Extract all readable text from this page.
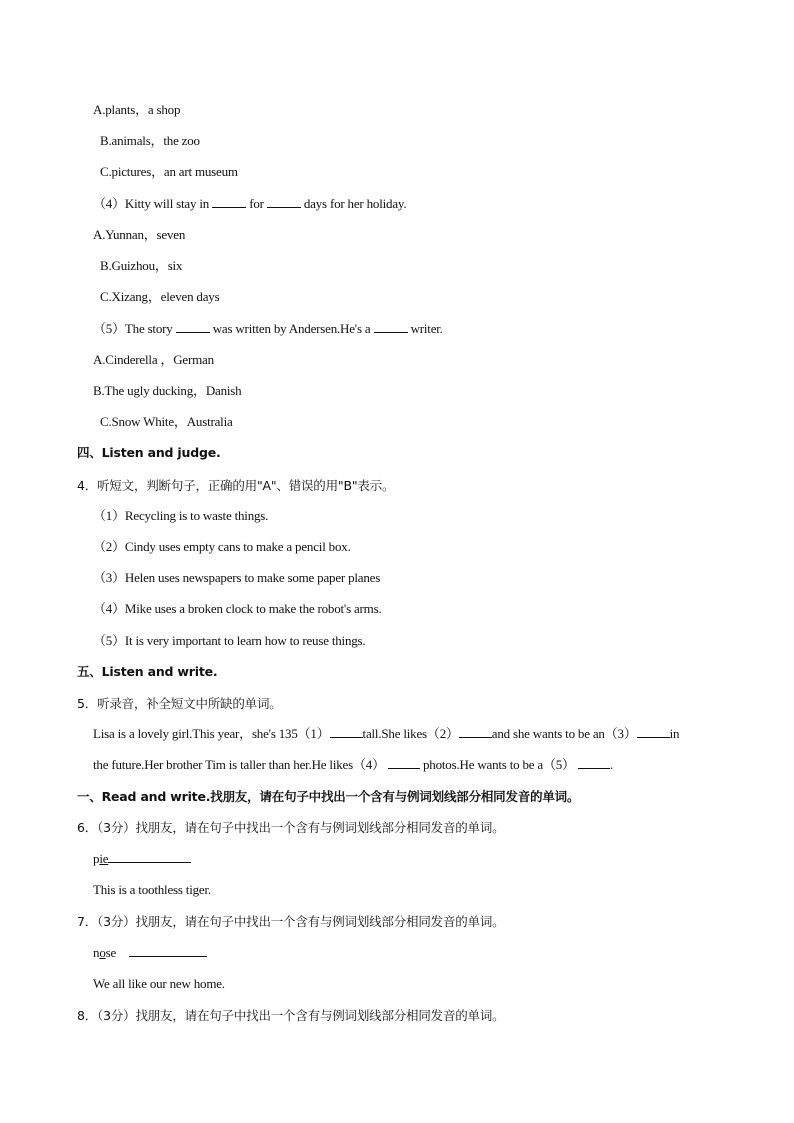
A.plants，a shop
B.animals，the zoo
C.pictures，an art museum
（4）Kitty will stay in	for	days for her holiday.
A.Yunnan，seven
B.Guizhou，six
C.Xizang，eleven days
（5）The story	was written by Andersen.He's a	writer.
A.Cinderella ，German
B.The ugly ducking，Danish
C.Snow White，Australia
四、Listen and judge.
4．听短文，判断句子，正确的用"A"、错误的用"B"表示。
（1）Recycling is to waste things.
（2）Cindy uses empty cans to make a pencil box.
（3）Helen uses newspapers to make some paper planes
（4）Mike uses a broken clock to make the robot's arms.
（5）It is very important to learn how to reuse things.
五、Listen and write.
5．听录音，补全短文中所缺的单词。
Lisa is a lovely girl.This year，she's 135（1）	tall.She likes（2）	and she wants to be an（3）	in
the future.Her brother Tim is taller than her.He likes（4）	photos.He wants to be a（5）	.
一、Read and write.找朋友，请在句子中找出一个含有与例词划线部分相同发音的单词。
6．（3分）找朋友，请在句子中找出一个含有与例词划线部分相同发音的单词。
pie
This is a toothless tiger.
7．（3分）找朋友，请在句子中找出一个含有与例词划线部分相同发音的单词。
nose
We all like our new home.
8．（3分）找朋友，请在句子中找出一个含有与例词划线部分相同发音的单词。
